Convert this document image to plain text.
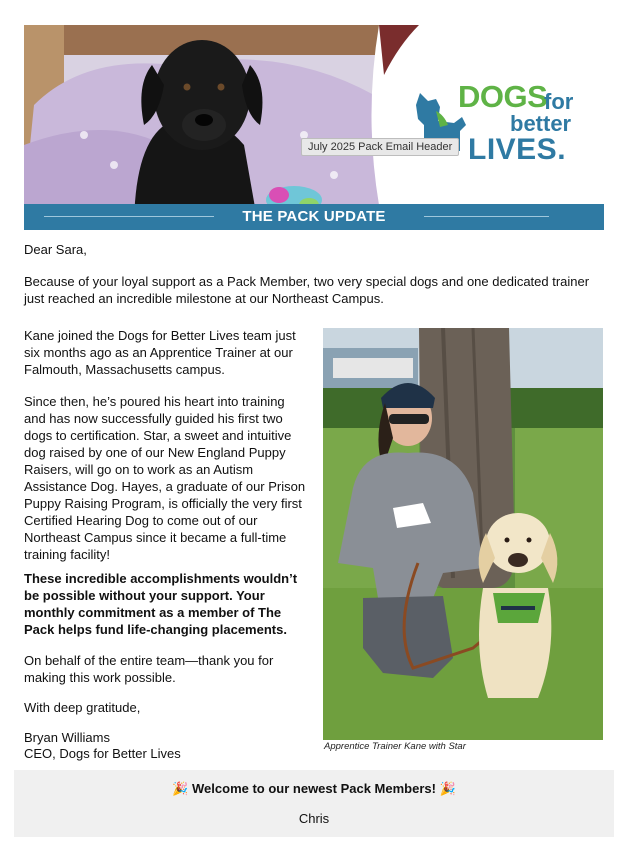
DOGS
for
better
LIVES.
THE PACK UPDATE
July 2025 Pack Email Header
Dear Sara,
Because of your loyal support as a Pack Member, two very special dogs and one dedicated trainer just reached an incredible milestone at our Northeast Campus.
Kane joined the Dogs for Better Lives team just six months ago as an Apprentice Trainer at our Falmouth, Massachusetts campus.
Since then, he’s poured his heart into training and has now successfully guided his first two dogs to certification. Star, a sweet and intuitive dog raised by one of our New England Puppy Raisers, will go on to work as an Autism Assistance Dog. Hayes, a graduate of our Prison Puppy Raising Program, is officially the very first Certified Hearing Dog to come out of our Northeast Campus since it became a full-time training facility!
These incredible accomplishments wouldn’t be possible without your support. Your monthly commitment as a member of The Pack helps fund life-changing placements.
On behalf of the entire team—thank you for making this work possible.
With deep gratitude,
Bryan Williams
CEO, Dogs for Better Lives	Apprentice Trainer Kane with Star
🎉 Welcome to our newest Pack Members! 🎉
Chris
